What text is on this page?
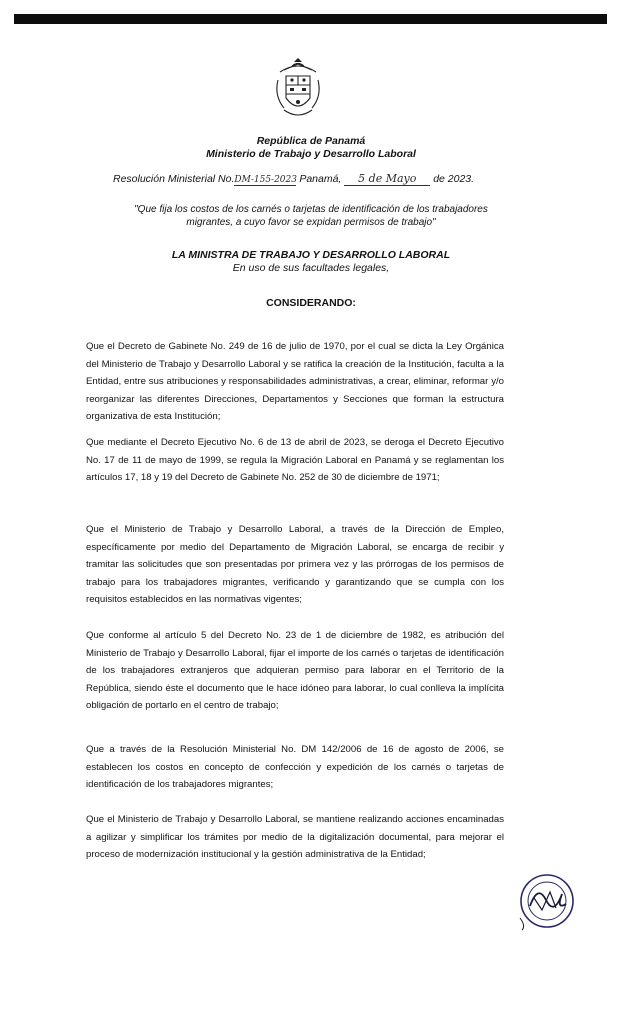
República de Panamá
Ministerio de Trabajo y Desarrollo Laboral
Resolución Ministerial No.DM-155-2023 Panamá, 5 de Mayo de 2023.
"Que fija los costos de los carnés o tarjetas de identificación de los trabajadores
migrantes, a cuyo favor se expidan permisos de trabajo"
LA MINISTRA DE TRABAJO Y DESARROLLO LABORAL
En uso de sus facultades legales,
CONSIDERANDO:

Que el Decreto de Gabinete No. 249 de 16 de julio de 1970, por el cual se dicta la Ley Orgánica del Ministerio de Trabajo y Desarrollo Laboral y se ratifica la creación de la Institución, faculta a la Entidad, entre sus atribuciones y responsabilidades administrativas, a crear, eliminar, reformar y/o reorganizar las diferentes Direcciones, Departamentos y Secciones que forman la estructura organizativa de esta Institución;

Que mediante el Decreto Ejecutivo No. 6 de 13 de abril de 2023, se deroga el Decreto Ejecutivo No. 17 de 11 de mayo de 1999, se regula la Migración Laboral en Panamá y se reglamentan los artículos 17, 18 y 19 del Decreto de Gabinete No. 252 de 30 de diciembre de 1971;

Que el Ministerio de Trabajo y Desarrollo Laboral, a través de la Dirección de Empleo, específicamente por medio del Departamento de Migración Laboral, se encarga de recibir y tramitar las solicitudes que son presentadas por primera vez y las prórrogas de los permisos de trabajo para los trabajadores migrantes, verificando y garantizando que se cumpla con los requisitos establecidos en las normativas vigentes;

Que conforme al artículo 5 del Decreto No. 23 de 1 de diciembre de 1982, es atribución del Ministerio de Trabajo y Desarrollo Laboral, fijar el importe de los carnés o tarjetas de identificación de los trabajadores extranjeros que adquieran permiso para laborar en el Territorio de la República, siendo éste el documento que le hace idóneo para laborar, lo cual conlleva la implícita obligación de portarlo en el centro de trabajo;

Que a través de la Resolución Ministerial No. DM 142/2006 de 16 de agosto de 2006, se establecen los costos en concepto de confección y expedición de los carnés o tarjetas de identificación de los trabajadores migrantes;

Que el Ministerio de Trabajo y Desarrollo Laboral, se mantiene realizando acciones encaminadas a agilizar y simplificar los trámites por medio de la digitalización documental, para mejorar el proceso de modernización institucional y la gestión administrativa de la Entidad;
